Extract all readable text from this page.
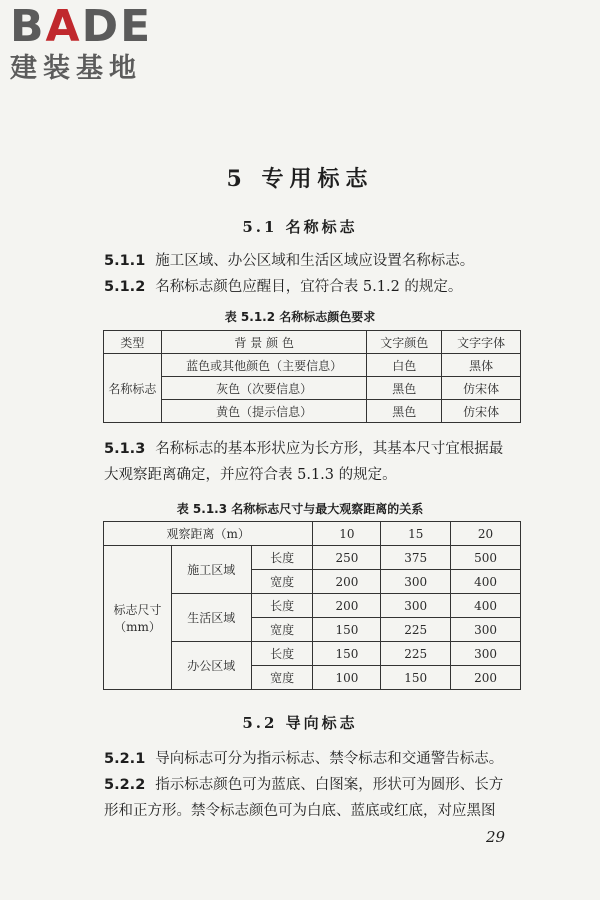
BADE
建装基地
5 专用标志
5.1 名称标志

5.1.1 施工区域、办公区域和生活区域应设置名称标志。

5.1.2 名称标志颜色应醒目，宜符合表 5.1.2 的规定。

表 5.1.2 名称标志颜色要求
类型	背 景 颜 色	文字颜色	文字字体
名称标志	蓝色或其他颜色（主要信息）	白色	黑体
	灰色（次要信息）	黑色	仿宋体
	黄色（提示信息）	黑色	仿宋体

5.1.3 名称标志的基本形状应为长方形，其基本尺寸宜根据最
大观察距离确定，并应符合表 5.1.3 的规定。

表 5.1.3 名称标志尺寸与最大观察距离的关系
观察距离（m）			10	15	20
标志尺寸
（mm）	施工区域	长度	250	375	500
		宽度	200	300	400
	生活区域	长度	200	300	400
		宽度	150	225	300
	办公区域	长度	150	225	300
		宽度	100	150	200
5.2 导向标志

5.2.1 导向标志可分为指示标志、禁令标志和交通警告标志。

5.2.2 指示标志颜色可为蓝底、白图案，形状可为圆形、长方
形和正方形。禁令标志颜色可为白底、蓝底或红底，对应黑图

29
